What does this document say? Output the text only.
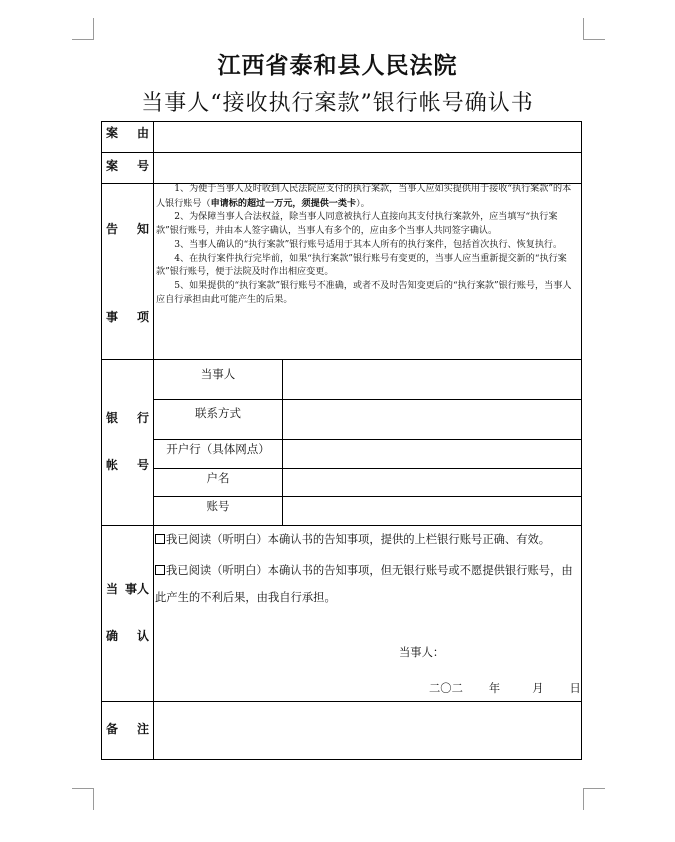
江西省泰和县人民法院
当事人“接收执行案款”银行帐号确认书
案 由
案 号
告 知
事 项
银 行
帐 号
当 事人
确 认
备 注

1、为便于当事人及时收到人民法院应支付的执行案款，当事人应如实提供用于接收“执行案款”的本人银行账号（申请标的超过一万元，须提供一类卡）。

2、为保障当事人合法权益，除当事人同意被执行人直接向其支付执行案款外，应当填写“执行案款”银行账号，并由本人签字确认，当事人有多个的，应由多个当事人共同签字确认。

3、当事人确认的“执行案款”银行账号适用于其本人所有的执行案件，包括首次执行、恢复执行。

4、在执行案件执行完毕前，如果“执行案款”银行账号有变更的，当事人应当重新提交新的“执行案款”银行账号，便于法院及时作出相应变更。

5、如果提供的“执行案款”银行账号不准确，或者不及时告知变更后的“执行案款”银行账号，当事人应自行承担由此可能产生的后果。

当事人
联系方式
开户行（具体网点）
户名
账号
我已阅读（听明白）本确认书的告知事项，提供的上栏银行账号正确、有效。
我已阅读（听明白）本确认书的告知事项，但无银行账号或不愿提供银行账号，由此产生的不利后果，由我自行承担。
当事人：
二〇二 年	月 日
